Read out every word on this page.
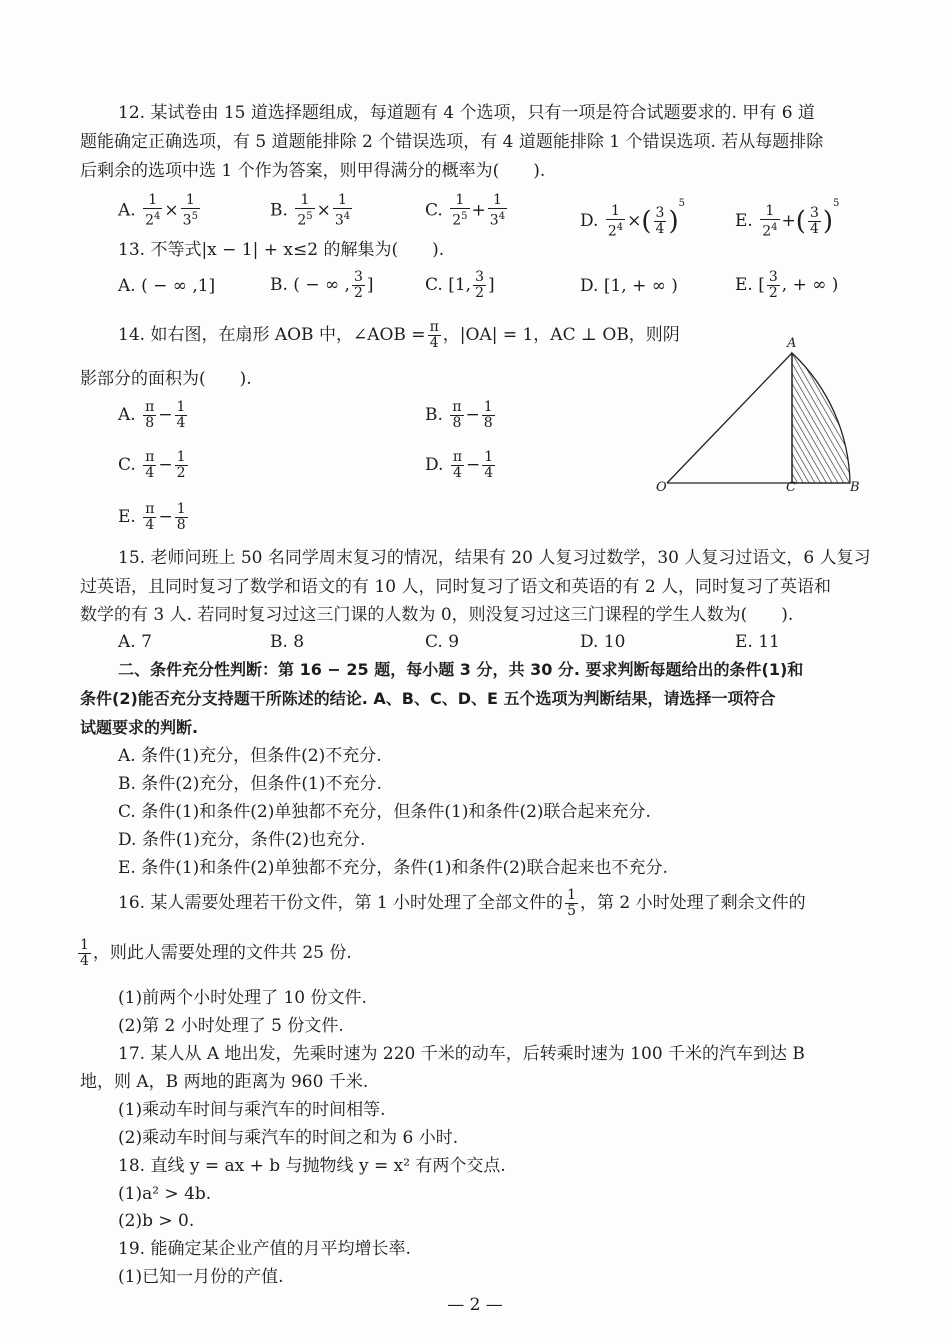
12. 某试卷由 15 道选择题组成，每道题有 4 个选项，只有一项是符合试题要求的. 甲有 6 道
题能确定正确选项，有 5 道题能排除 2 个错误选项，有 4 道题能排除 1 个错误选项. 若从每题排除
后剩余的选项中选 1 个作为答案，则甲得满分的概率为(　　).
A. $\frac{1}{2^4} \times \frac{1}{3^5}$	B. $\frac{1}{2^5} \times \frac{1}{3^4}$	C. $\frac{1}{2^5} + \frac{1}{3^4}$	D. $\frac{1}{2^4}$ ×( $\frac{3}{4} )^5$
E. $\frac{1}{2^4}$ +( $\frac{3}{4} )^5$
13. 不等式|x − 1| + x≤2 的解集为(　　).
A. ( − ∞ ,1]	B. ( − ∞ , $\frac{3}{2}$ ]	C. [1, $\frac{3}{2}$ ]	D. [1, + ∞ )	E. [ $\frac{3}{2}$ , + ∞ )
14. 如右图，在扇形 AOB 中，∠AOB = $\frac{\pi}{4}$ ，|OA| = 1，AC ⊥ OB，则阴
影部分的面积为(　　).
A. $\frac{\pi}{8} - \frac{1}{4}$	B. $\frac{\pi}{8} - \frac{1}{8}$
C. $\frac{\pi}{4} - \frac{1}{2}$	D. $\frac{\pi}{4} - \frac{1}{4}$
E. $\frac{\pi}{4} - \frac{1}{8}$
A
O	C	B
15. 老师问班上 50 名同学周末复习的情况，结果有 20 人复习过数学，30 人复习过语文，6 人复习
过英语，且同时复习了数学和语文的有 10 人，同时复习了语文和英语的有 2 人，同时复习了英语和
数学的有 3 人. 若同时复习过这三门课的人数为 0，则没复习过这三门课程的学生人数为(　　).
A. 7	B. 8	C. 9	D. 10	E. 11
二、条件充分性判断：第 16 − 25 题，每小题 3 分，共 30 分. 要求判断每题给出的条件(1)和
条件(2)能否充分支持题干所陈述的结论. A、B、C、D、E 五个选项为判断结果，请选择一项符合
试题要求的判断.
A. 条件(1)充分，但条件(2)不充分.
B. 条件(2)充分，但条件(1)不充分.
C. 条件(1)和条件(2)单独都不充分，但条件(1)和条件(2)联合起来充分.
D. 条件(1)充分，条件(2)也充分.
E. 条件(1)和条件(2)单独都不充分，条件(1)和条件(2)联合起来也不充分.
16. 某人需要处理若干份文件，第 1 小时处理了全部文件的 $\frac{1}{5}$ ，第 2 小时处理了剩余文件的
$\frac{1}{4}$ ，则此人需要处理的文件共 25 份.
(1)前两个小时处理了 10 份文件.
(2)第 2 小时处理了 5 份文件.
17. 某人从 A 地出发，先乘时速为 220 千米的动车，后转乘时速为 100 千米的汽车到达 B
地，则 A，B 两地的距离为 960 千米.
(1)乘动车时间与乘汽车的时间相等.
(2)乘动车时间与乘汽车的时间之和为 6 小时.
18. 直线 y = ax + b 与抛物线 y = x² 有两个交点.
(1)a² > 4b.
(2)b > 0.
19. 能确定某企业产值的月平均增长率.
(1)已知一月份的产值.
— 2 —
